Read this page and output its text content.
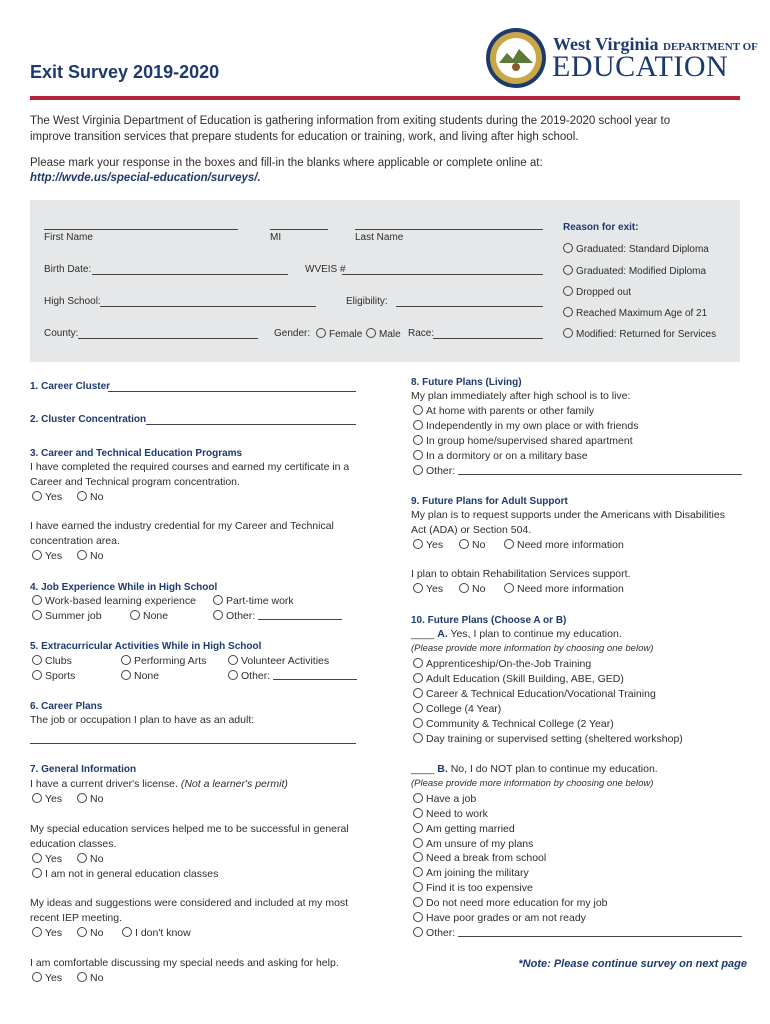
West Virginia DEPARTMENT OF
EDUCATION
Exit Survey 2019-2020
The West Virginia Department of Education is gathering information from exiting students during the 2019-2020 school year to
improve transition services that prepare students for education or training, work, and living after high school.
Please mark your response in the boxes and fill-in the blanks where applicable or complete online at:
http://wvde.us/special-education/surveys/.
First Name	MI	Last Name
Birth Date:	WVEIS #
High School:	Eligibility:
County:	Gender:	Female	Male Race:
Reason for exit:
Graduated: Standard Diploma
Graduated: Modified Diploma
Dropped out
Reached Maximum Age of 21
Modified: Returned for Services
1. Career Cluster
2. Cluster Concentration
3. Career and Technical Education Programs
I have completed the required courses and earned my certificate in a
Career and Technical program concentration.
Yes	No
I have earned the industry credential for my Career and Technical
concentration area.
Yes	No
4. Job Experience While in High School
Work-based learning experience	Part-time work
Summer job	None	Other:
5. Extracurricular Activities While in High School
Clubs	Performing Arts	Volunteer Activities
Sports	None	Other:
6. Career Plans
The job or occupation I plan to have as an adult:
7. General Information
I have a current driver's license. (Not a learner's permit)
Yes	No
My special education services helped me to be successful in general
education classes.
Yes	No
I am not in general education classes
My ideas and suggestions were considered and included at my most
recent IEP meeting.
Yes	No	I don't know
I am comfortable discussing my special needs and asking for help.
Yes	No
8. Future Plans (Living)
My plan immediately after high school is to live:
At home with parents or other family
Independently in my own place or with friends
In group home/supervised shared apartment
In a dormitory or on a military base
Other:
9. Future Plans for Adult Support
My plan is to request supports under the Americans with Disabilities
Act (ADA) or Section 504.
Yes	No	Need more information
I plan to obtain Rehabilitation Services support.
Yes	No	Need more information
10. Future Plans (Choose A or B)
____ A. Yes, I plan to continue my education.
(Please provide more information by choosing one below)
Apprenticeship/On-the-Job Training
Adult Education (Skill Building, ABE, GED)
Career & Technical Education/Vocational Training
College (4 Year)
Community & Technical College (2 Year)
Day training or supervised setting (sheltered workshop)
____ B. No, I do NOT plan to continue my education.
(Please provide more information by choosing one below)
Have a job
Need to work
Am getting married
Am unsure of my plans
Need a break from school
Am joining the military
Find it is too expensive
Do not need more education for my job
Have poor grades or am not ready
Other:
*Note: Please continue survey on next page
